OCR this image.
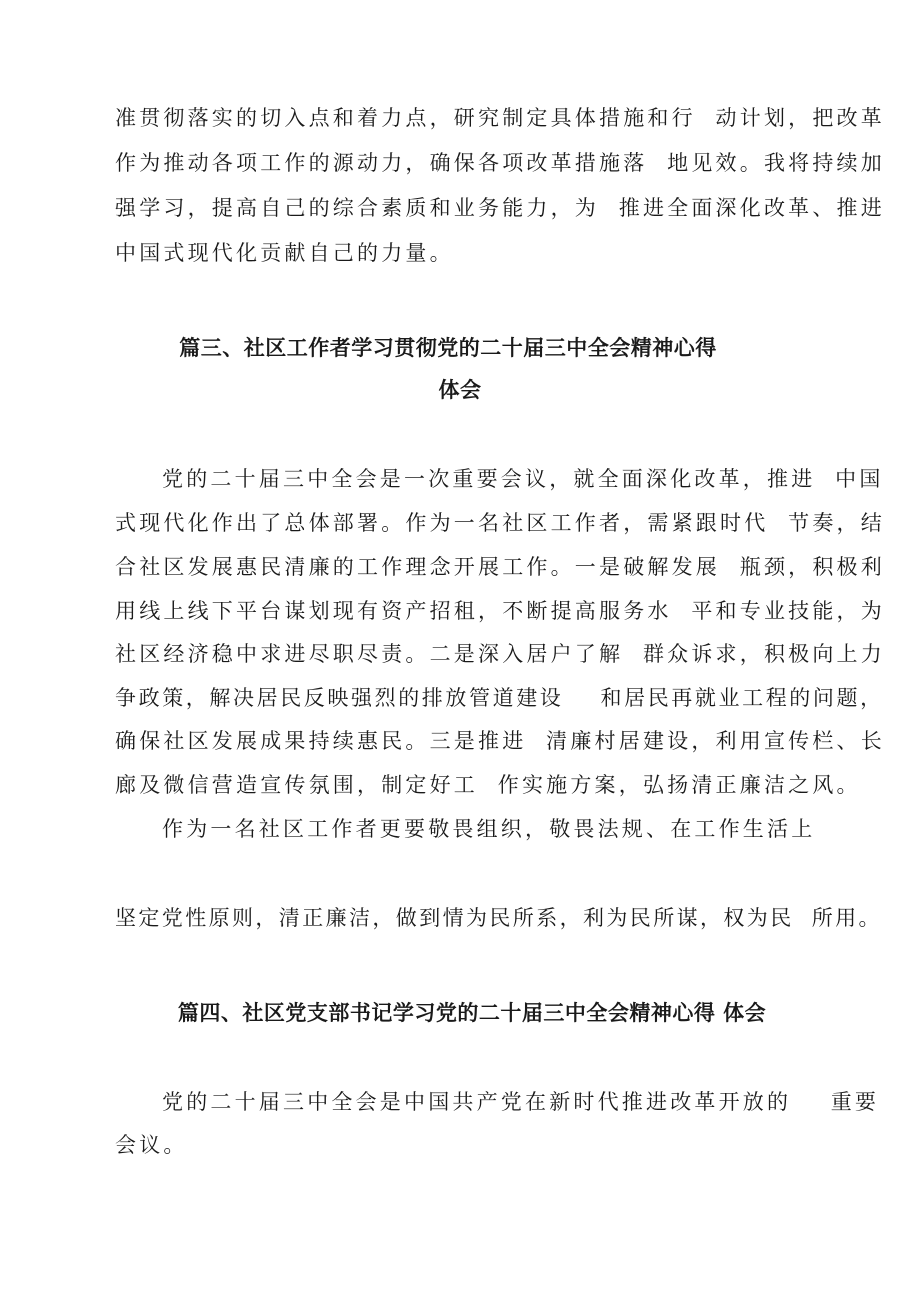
准贯彻落实的切入点和着力点，研究制定具体措施和行  动计划，把改革
作为推动各项工作的源动力，确保各项改革措施落  地见效。我将持续加
强学习，提高自己的综合素质和业务能力，为  推进全面深化改革、推进
中国式现代化贡献自己的力量。
篇三、社区工作者学习贯彻党的二十届三中全会精神心得
体会
党的二十届三中全会是一次重要会议，就全面深化改革，推进  中国
式现代化作出了总体部署。作为一名社区工作者，需紧跟时代  节奏，结
合社区发展惠民清廉的工作理念开展工作。一是破解发展  瓶颈，积极利
用线上线下平台谋划现有资产招租，不断提高服务水  平和专业技能，为
社区经济稳中求进尽职尽责。二是深入居户了解  群众诉求，积极向上力
争政策，解决居民反映强烈的排放管道建设    和居民再就业工程的问题，
确保社区发展成果持续惠民。三是推进  清廉村居建设，利用宣传栏、长
廊及微信营造宣传氛围，制定好工  作实施方案，弘扬清正廉洁之风。
作为一名社区工作者更要敬畏组织，敬畏法规、在工作生活上
坚定党性原则，清正廉洁，做到情为民所系，利为民所谋，权为民  所用。
篇四、社区党支部书记学习党的二十届三中全会精神心得 体会
党的二十届三中全会是中国共产党在新时代推进改革开放的    重要
会议。
